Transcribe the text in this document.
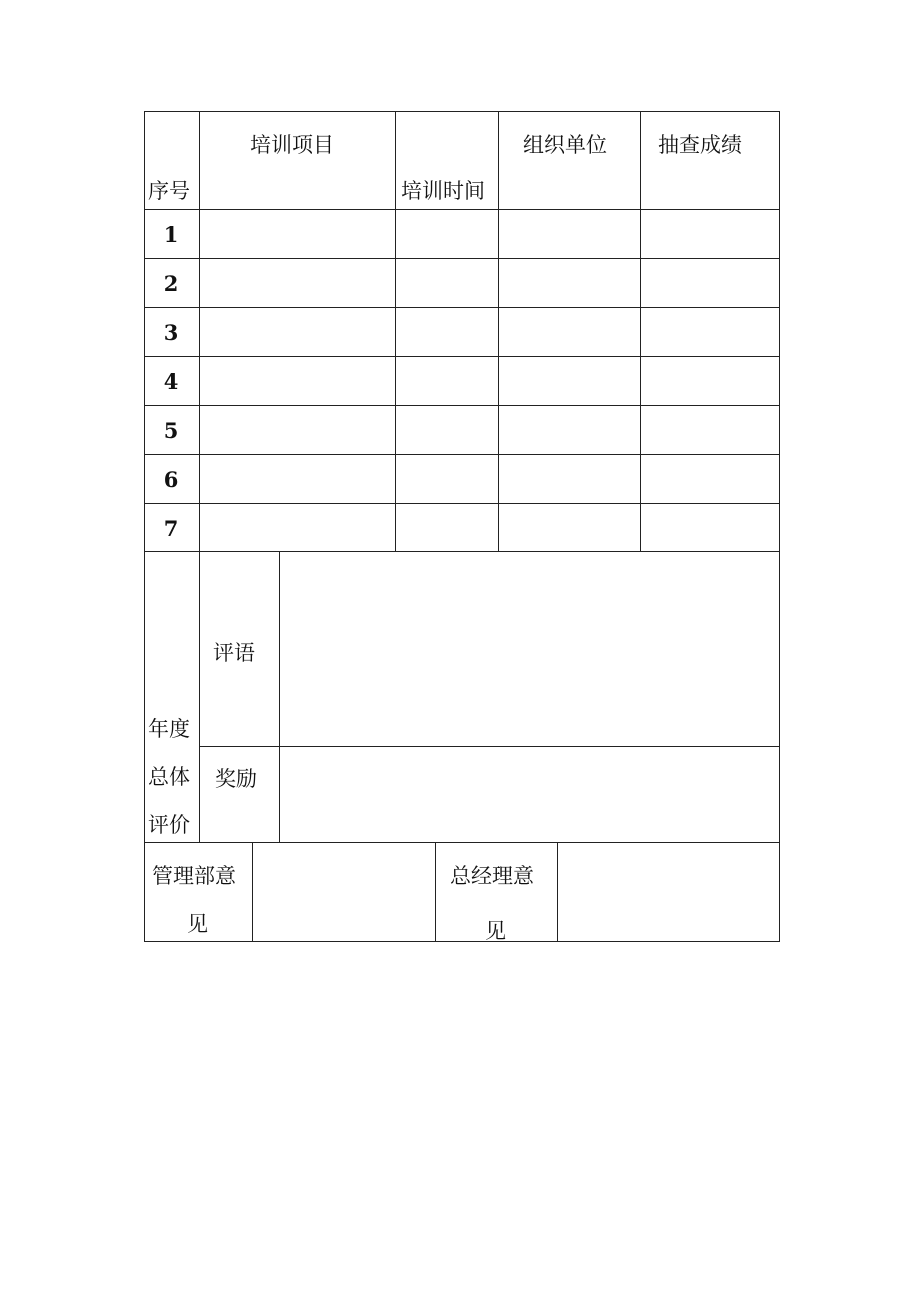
序号
培训项目
培训时间
组织单位 抽查成绩
1
2
3
4
5
6
7
年度
总体
评价
评语
奖励
管理部意
见
总经理意
见
